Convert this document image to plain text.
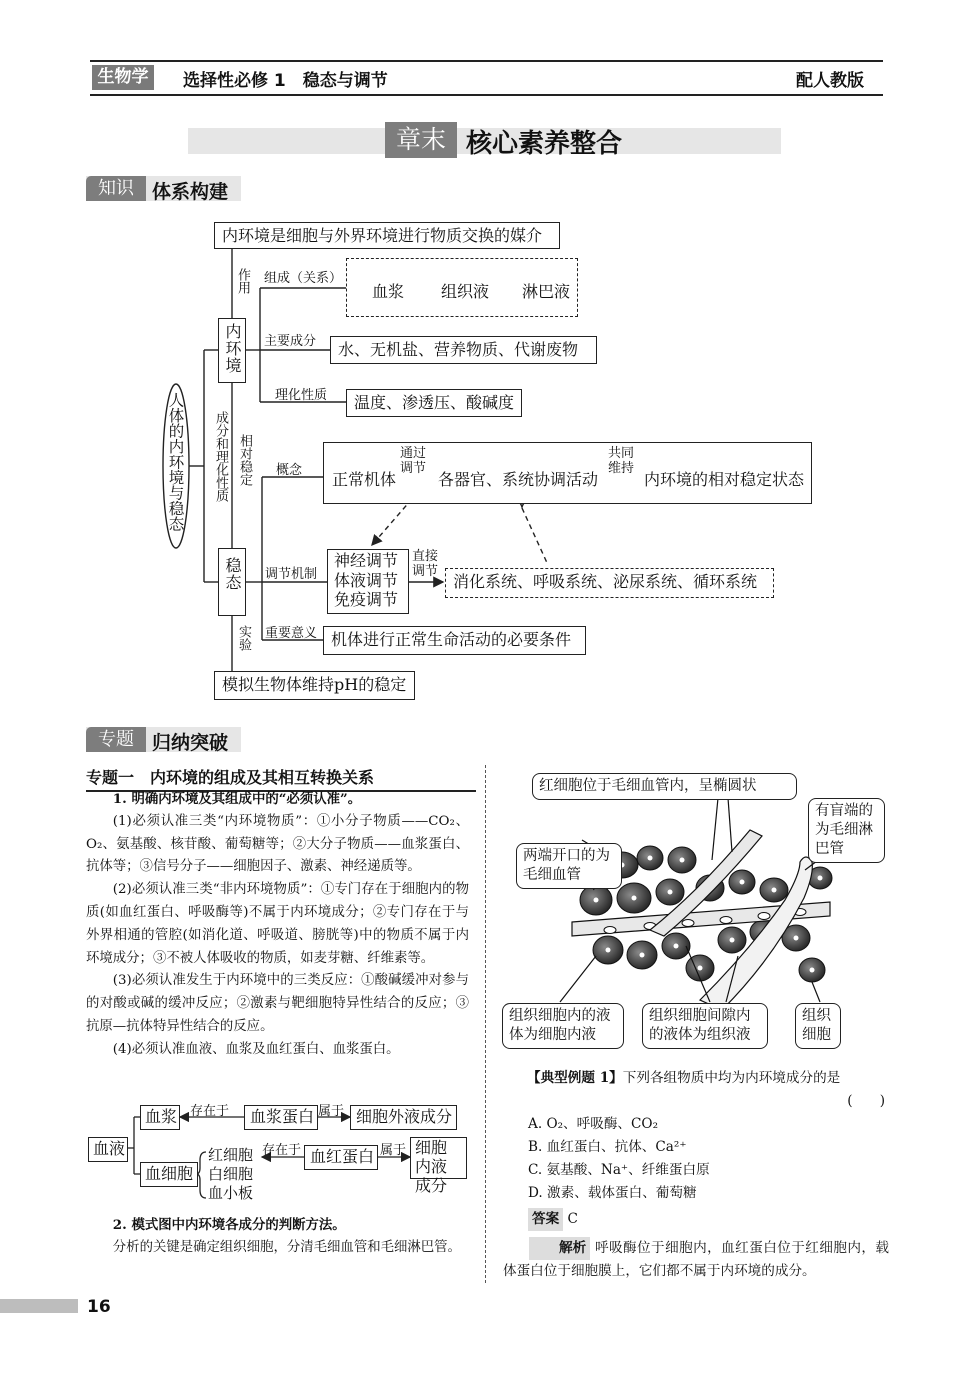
生物学	选择性必修 1　稳态与调节	配人教版
章末 核心素养整合
知识 体系构建
内环境是细胞与外界环境进行物质交换的媒介
作用
内环境
组成（关系）
血浆 组织液 淋巴液
主要成分	水、无机盐、营养物质、代谢废物
理化性质	温度、渗透压、酸碱度
成分和理化性质 相对稳定
人体的内环境与稳态	概念 正常机体
通过调节
各器官、系统协调活动
共同维持
内环境的相对稳定状态
稳态	调节机制
神经调节
体液调节
免疫调节
直接调节
消化系统、呼吸系统、泌尿系统、循环系统
重要意义 机体进行正常生命活动的必要条件
实验
模拟生物体维持pH的稳定
专题 归纳突破
专题一　内环境的组成及其相互转换关系

1. 明确内环境及其组成中的“必须认准”。

(1)必须认准三类“内环境物质”：①小分子物质——CO₂、O₂、氨基酸、核苷酸、葡萄糖等；②大分子物质——血浆蛋白、抗体等；③信号分子——细胞因子、激素、神经递质等。

(2)必须认准三类“非内环境物质”：①专门存在于细胞内的物质(如血红蛋白、呼吸酶等)不属于内环境成分；②专门存在于与外界相通的管腔(如消化道、呼吸道、膀胱等)中的物质不属于内环境成分；③不被人体吸收的物质，如麦芽糖、纤维素等。

(3)必须认准发生于内环境中的三类反应：①酸碱缓冲对参与的对酸或碱的缓冲反应；②激素与靶细胞特异性结合的反应；③抗原—抗体特异性结合的反应。

(4)必须认准血液、血浆及血红蛋白、血浆蛋白。

血液
血浆 存在于	血浆蛋白 属于 细胞外液成分
血细胞
红细胞
白细胞
血小板
存在于 血红蛋白 属于 细胞内液成分

2. 模式图中内环境各成分的判断方法。

分析的关键是确定组织细胞，分清毛细血管和毛细淋巴管。

红细胞位于毛细血管内，呈椭圆状
两端开口的为毛细血管
有盲端的为毛细淋巴管
组织细胞内的液体为细胞内液
组织细胞间隙内的液体为组织液
组织细胞
【典型例题 1】下列各组物质中均为内环境成分的是
(　　)
A. O₂、呼吸酶、CO₂
B. 血红蛋白、抗体、Ca²⁺
C. 氨基酸、Na⁺、纤维蛋白原
D. 激素、载体蛋白、葡萄糖
答案 C
解析 呼吸酶位于细胞内，血红蛋白位于红细胞内，载体蛋白位于细胞膜上，它们都不属于内环境的成分。
16
